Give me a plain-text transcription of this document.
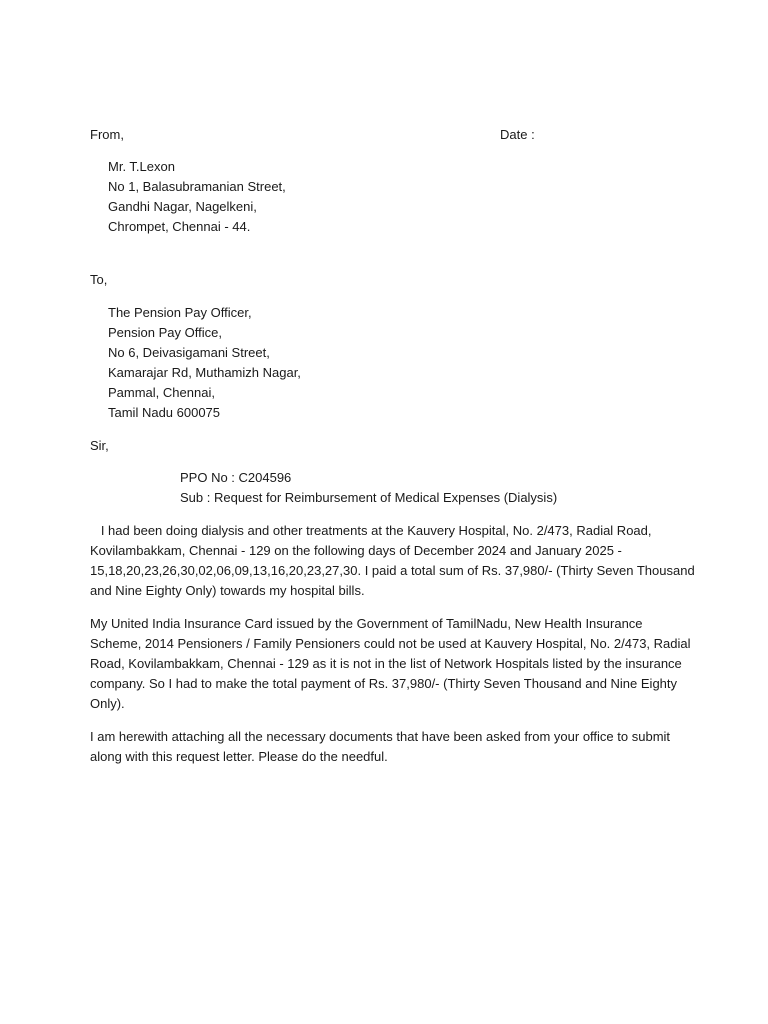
From,	Date :
Mr. T.Lexon
No 1, Balasubramanian Street,
Gandhi Nagar, Nagelkeni,
Chrompet, Chennai - 44.
To,
The Pension Pay Officer,
Pension Pay Office,
No 6, Deivasigamani Street,
Kamarajar Rd, Muthamizh Nagar,
Pammal, Chennai,
Tamil Nadu 600075
Sir,
PPO No : C204596
Sub : Request for Reimbursement of Medical Expenses (Dialysis)
I had been doing dialysis and other treatments at the Kauvery Hospital, No. 2/473, Radial Road,
Kovilambakkam, Chennai - 129 on the following days of December 2024 and January 2025 -
15,18,20,23,26,30,02,06,09,13,16,20,23,27,30. I paid a total sum of Rs. 37,980/- (Thirty Seven Thousand
and Nine Eighty Only) towards my hospital bills.
My United India Insurance Card issued by the Government of TamilNadu, New Health Insurance
Scheme, 2014 Pensioners / Family Pensioners could not be used at Kauvery Hospital, No. 2/473, Radial
Road, Kovilambakkam, Chennai - 129 as it is not in the list of Network Hospitals listed by the insurance
company. So I had to make the total payment of Rs. 37,980/- (Thirty Seven Thousand and Nine Eighty
Only).
I am herewith attaching all the necessary documents that have been asked from your office to submit
along with this request letter. Please do the needful.
